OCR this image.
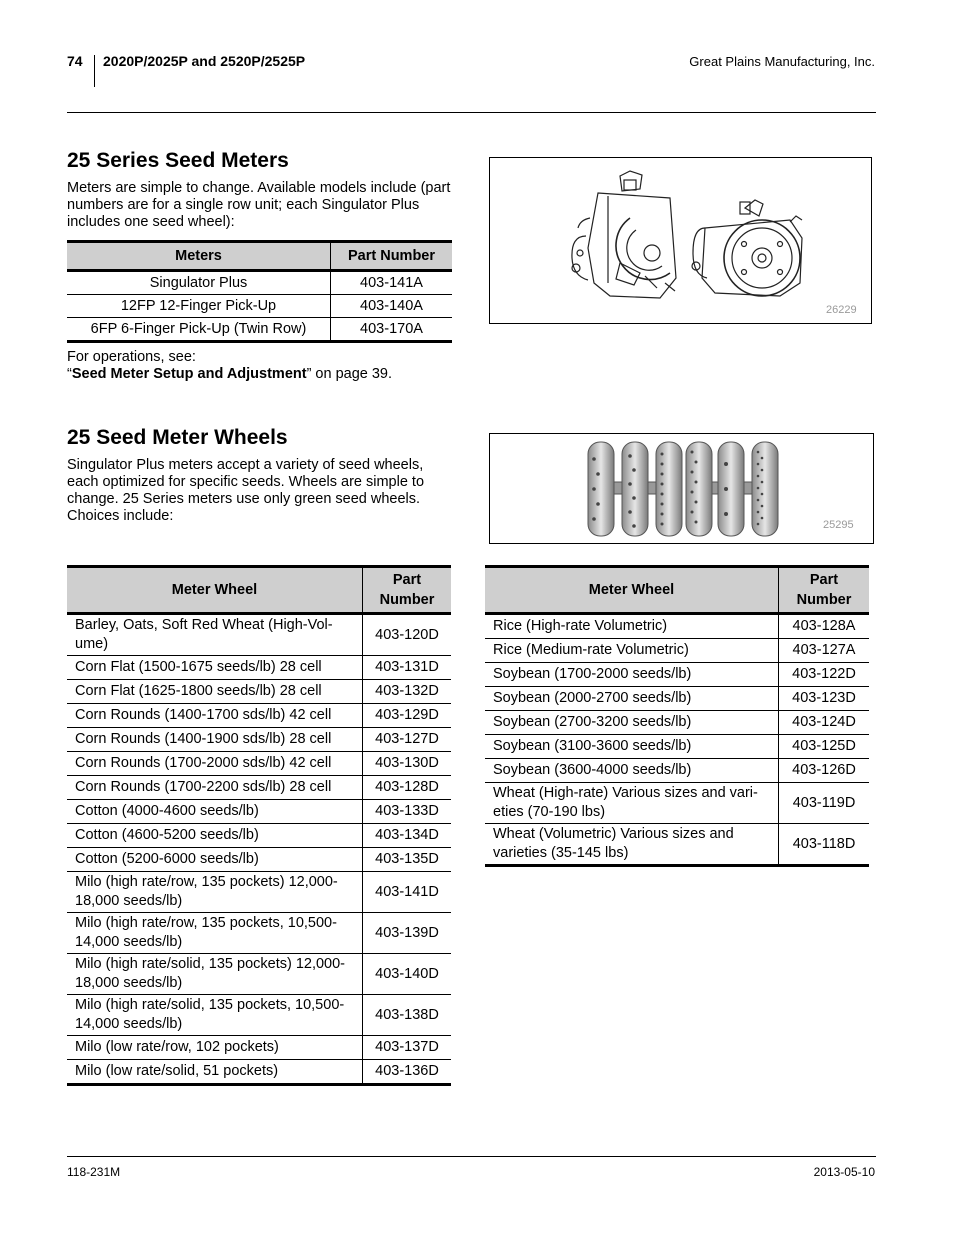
74 2020P/2025P and 2520P/2525P	Great Plains Manufacturing, Inc.
25 Series Seed Meters
Meters are simple to change. Available models include (part numbers are for a single row unit; each Singulator Plus includes one seed wheel):
Meters	Part Number
Singulator Plus	403-141A
12FP 12-Finger Pick-Up	403-140A
6FP 6-Finger Pick-Up (Twin Row)	403-170A
For operations, see:
“Seed Meter Setup and Adjustment” on page 39.
26229
25 Seed Meter Wheels
Singulator Plus meters accept a variety of seed wheels, each optimized for specific seeds. Wheels are simple to change. 25 Series meters use only green seed wheels. Choices include:
25295
Meter Wheel	Part
Number

Barley, Oats, Soft Red Wheat (High-Vol-ume)	403-120D
Corn Flat (1500-1675 seeds/lb) 28 cell	403-131D
Corn Flat (1625-1800 seeds/lb) 28 cell	403-132D
Corn Rounds (1400-1700 sds/lb) 42 cell	403-129D
Corn Rounds (1400-1900 sds/lb) 28 cell	403-127D
Corn Rounds (1700-2000 sds/lb) 42 cell	403-130D
Corn Rounds (1700-2200 sds/lb) 28 cell	403-128D
Cotton (4000-4600 seeds/lb)	403-133D
Cotton (4600-5200 seeds/lb)	403-134D
Cotton (5200-6000 seeds/lb)	403-135D
Milo (high rate/row, 135 pockets) 12,000-18,000 seeds/lb)	403-141D
Milo (high rate/row, 135 pockets, 10,500-14,000 seeds/lb)	403-139D
Milo (high rate/solid, 135 pockets) 12,000-18,000 seeds/lb)	403-140D
Milo (high rate/solid, 135 pockets, 10,500-14,000 seeds/lb)	403-138D
Milo (low rate/row, 102 pockets)	403-137D
Milo (low rate/solid, 51 pockets)	403-136D
Meter Wheel	Part
Number

Rice (High-rate Volumetric)	403-128A
Rice (Medium-rate Volumetric)	403-127A
Soybean (1700-2000 seeds/lb)	403-122D
Soybean (2000-2700 seeds/lb)	403-123D
Soybean (2700-3200 seeds/lb)	403-124D
Soybean (3100-3600 seeds/lb)	403-125D
Soybean (3600-4000 seeds/lb)	403-126D
Wheat (High-rate) Various sizes and vari-eties (70-190 lbs)	403-119D
Wheat (Volumetric) Various sizes and varieties (35-145 lbs)	403-118D
118-231M	2013-05-10
